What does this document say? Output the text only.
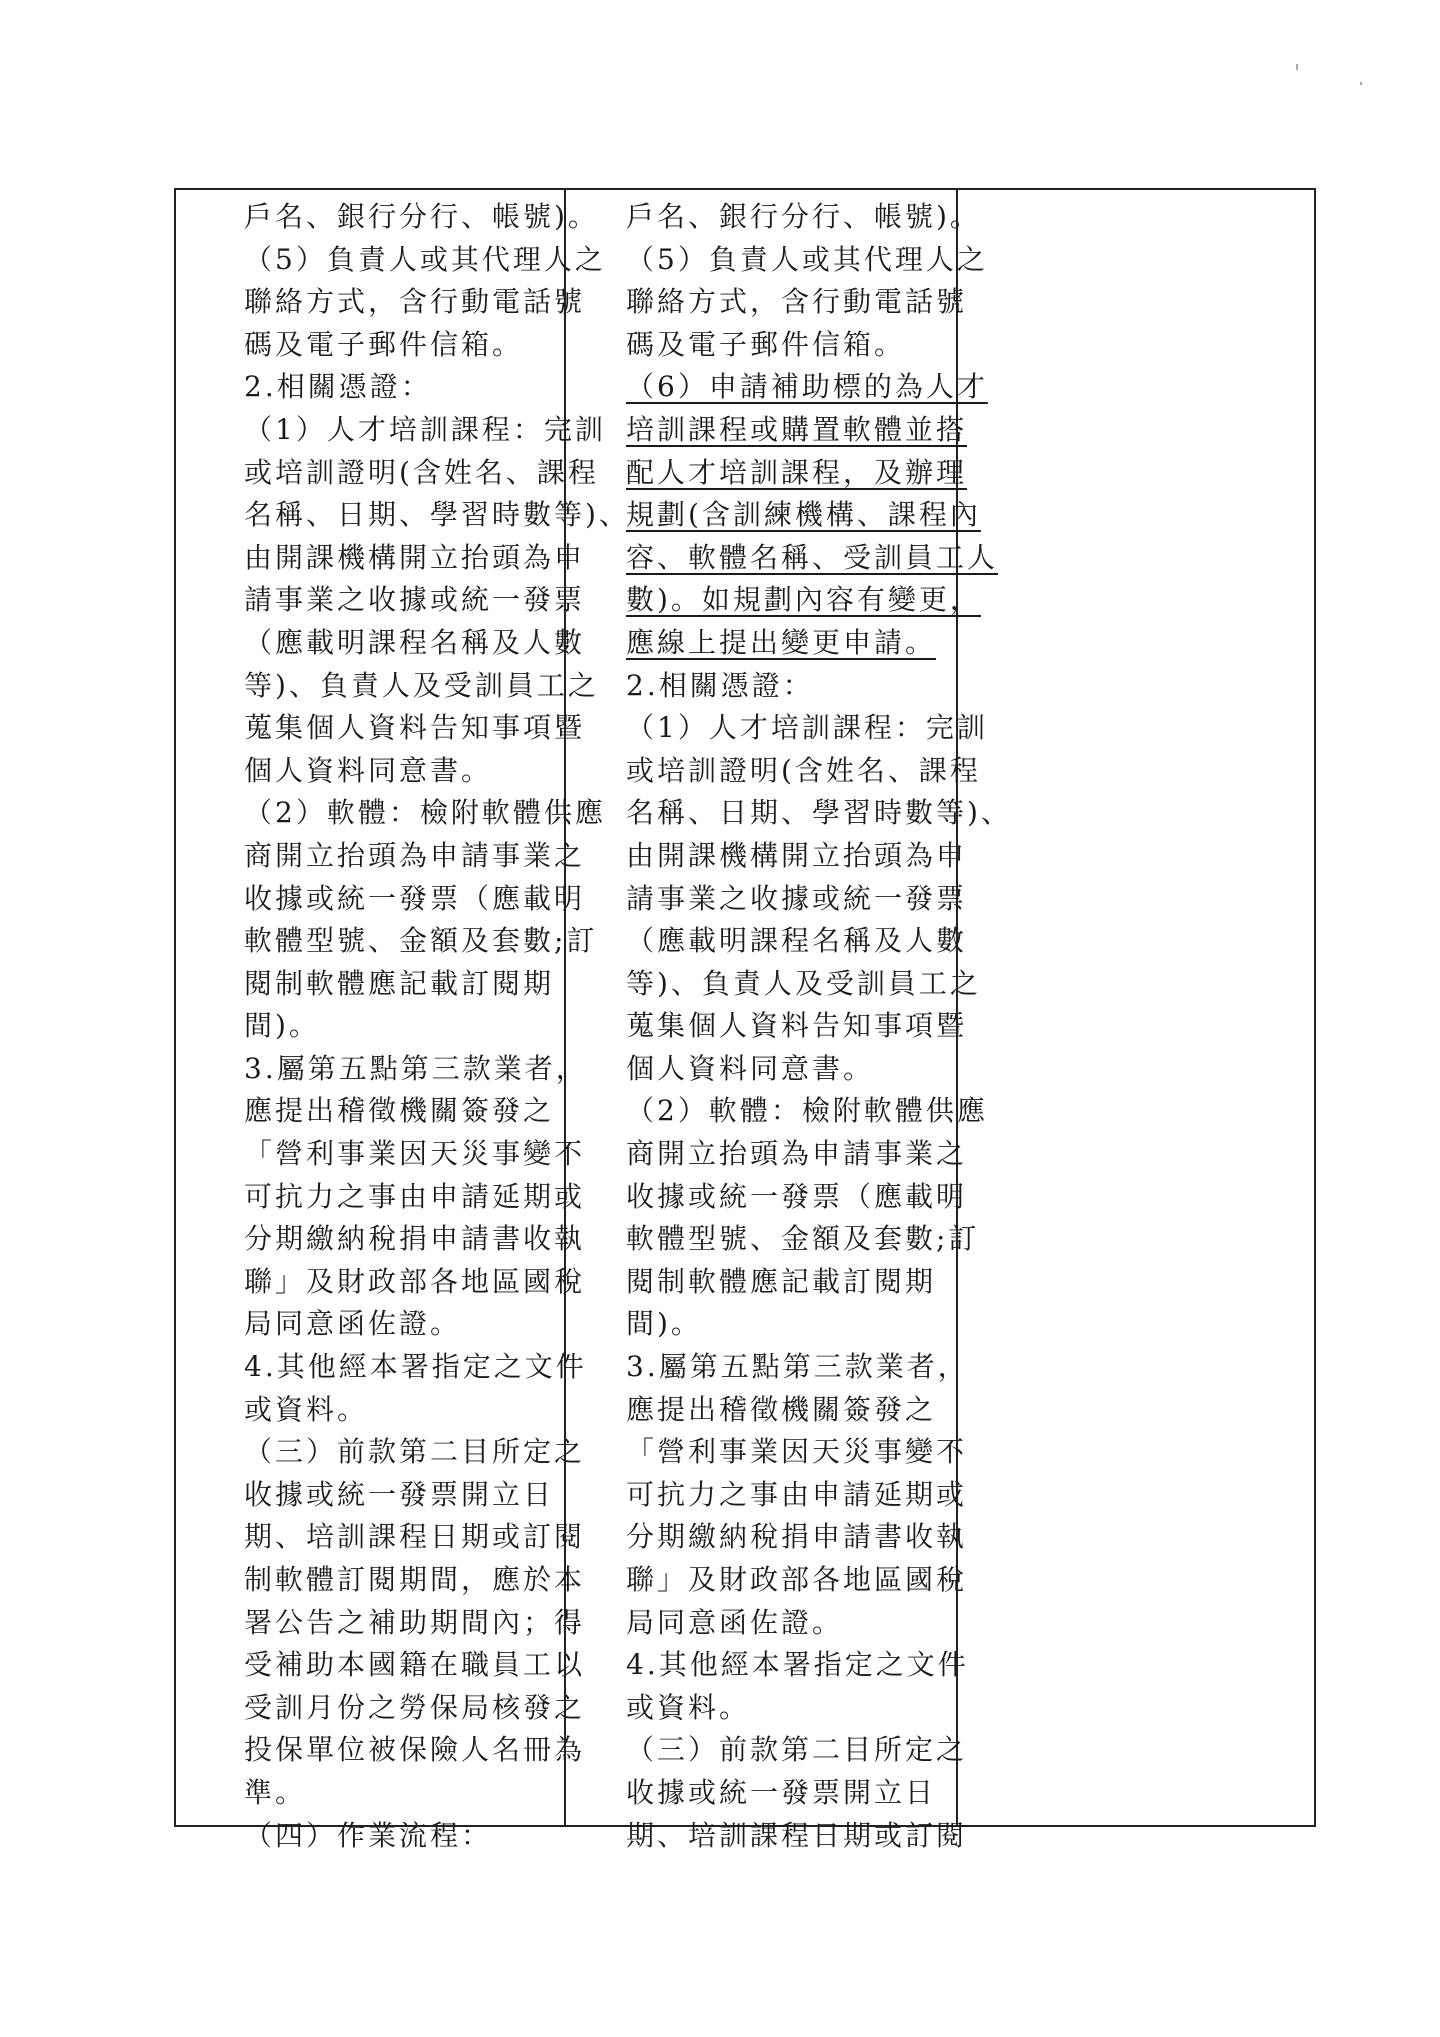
戶名、銀行分行、帳號)。
（5）負責人或其代理人之
聯絡方式，含行動電話號
碼及電子郵件信箱。
2.相關憑證：
（1）人才培訓課程：完訓
或培訓證明(含姓名、課程
名稱、日期、學習時數等)、
由開課機構開立抬頭為申
請事業之收據或統一發票
（應載明課程名稱及人數
等)、負責人及受訓員工之
蒐集個人資料告知事項暨
個人資料同意書。
（2）軟體：檢附軟體供應
商開立抬頭為申請事業之
收據或統一發票（應載明
軟體型號、金額及套數;訂
閱制軟體應記載訂閱期
間)。
3.屬第五點第三款業者，
應提出稽徵機關簽發之
「營利事業因天災事變不
可抗力之事由申請延期或
分期繳納稅捐申請書收執
聯」及財政部各地區國稅
局同意函佐證。
4.其他經本署指定之文件
或資料。
（三）前款第二目所定之
收據或統一發票開立日
期、培訓課程日期或訂閱
制軟體訂閱期間，應於本
署公告之補助期間內；得
受補助本國籍在職員工以
受訓月份之勞保局核發之
投保單位被保險人名冊為
準。
（四）作業流程：
戶名、銀行分行、帳號)。
（5）負責人或其代理人之
聯絡方式，含行動電話號
碼及電子郵件信箱。
（6）申請補助標的為人才
培訓課程或購置軟體並搭
配人才培訓課程，及辦理
規劃(含訓練機構、課程內
容、軟體名稱、受訓員工人
數)。如規劃內容有變更，
應線上提出變更申請。
2.相關憑證：
（1）人才培訓課程：完訓
或培訓證明(含姓名、課程
名稱、日期、學習時數等)、
由開課機構開立抬頭為申
請事業之收據或統一發票
（應載明課程名稱及人數
等)、負責人及受訓員工之
蒐集個人資料告知事項暨
個人資料同意書。
（2）軟體：檢附軟體供應
商開立抬頭為申請事業之
收據或統一發票（應載明
軟體型號、金額及套數;訂
閱制軟體應記載訂閱期
間)。
3.屬第五點第三款業者，
應提出稽徵機關簽發之
「營利事業因天災事變不
可抗力之事由申請延期或
分期繳納稅捐申請書收執
聯」及財政部各地區國稅
局同意函佐證。
4.其他經本署指定之文件
或資料。
（三）前款第二目所定之
收據或統一發票開立日
期、培訓課程日期或訂閱
